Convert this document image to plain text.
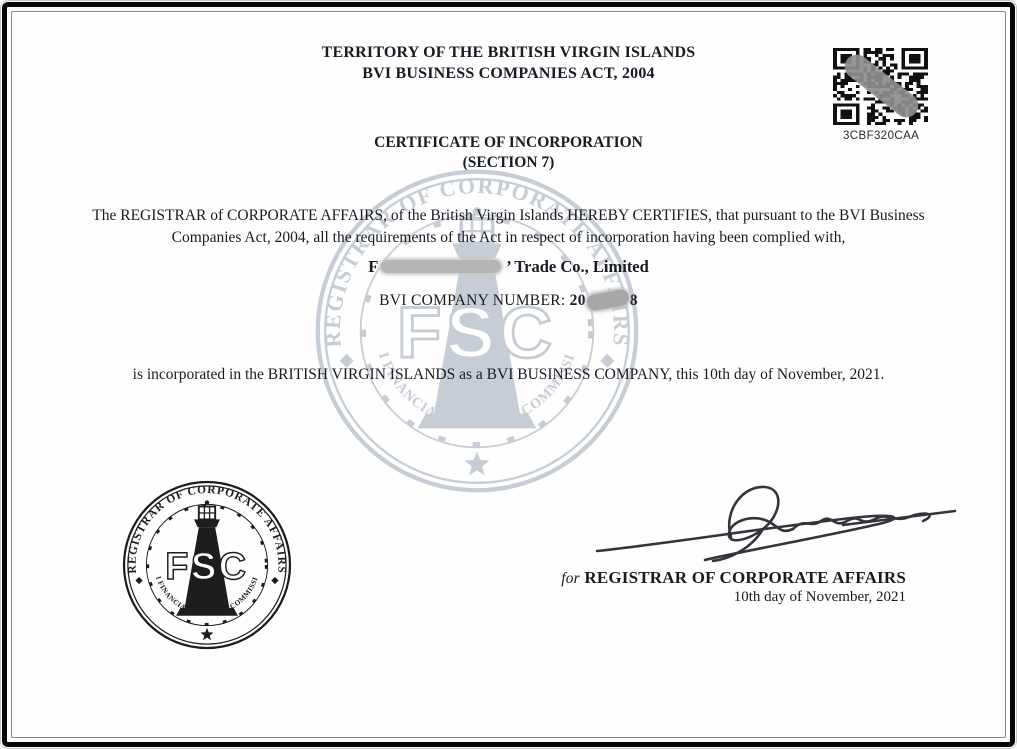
TERRITORY OF THE BRITISH VIRGIN ISLANDS
BVI BUSINESS COMPANIES ACT, 2004
3CBF320CAA
CERTIFICATE OF INCORPORATION
(SECTION 7)
The REGISTRAR of CORPORATE AFFAIRS, of the British Virgin Islands HEREBY CERTIFIES, that pursuant to the BVI Business Companies Act, 2004, all the requirements of the Act in respect of incorporation having been complied with,
F	’ Trade Co., Limited
BVI COMPANY NUMBER: 20	8
is incorporated in the BRITISH VIRGIN ISLANDS as a BVI BUSINESS COMPANY, this 10th day of November, 2021.
for REGISTRAR OF CORPORATE AFFAIRS
10th day of November, 2021
